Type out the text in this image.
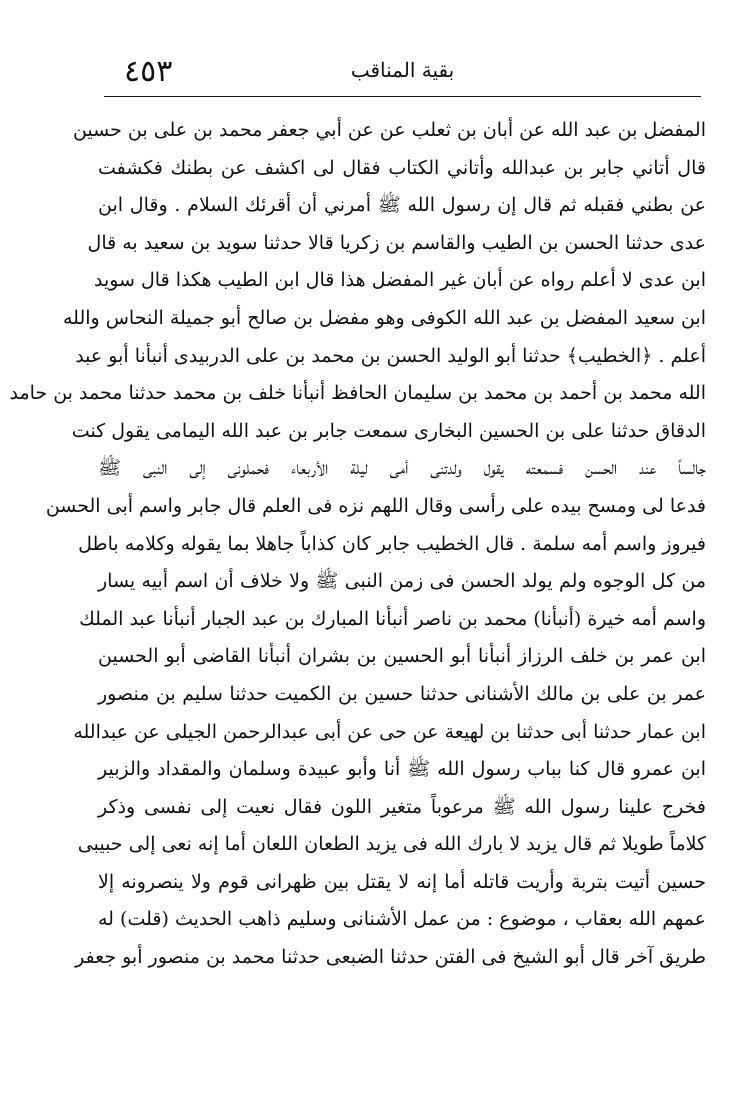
٤٥٣	بقية المناقب
المفضل بن عبد الله عن أبان بن ثعلب عن عن أبي جعفر محمد بن على بن حسين
قال أتاني جابر بن عبدالله وأتاني الكتاب فقال لى اكشف عن بطنك فكشفت
عن بطني فقبله ثم قال إن رسول الله ﷺ أمرني أن أقرئك السلام . وقال ابن
عدى حدثنا الحسن بن الطيب والقاسم بن زكريا قالا حدثنا سويد بن سعيد به قال
ابن عدى لا أعلم رواه عن أبان غير المفضل هذا قال ابن الطيب هكذا قال سويد
ابن سعيد المفضل بن عبد الله الكوفى وهو مفضل بن صالح أبو جميلة النحاس والله
أعلم . ﴿الخطيب﴾ حدثنا أبو الوليد الحسن بن محمد بن على الدربيدى أنبأنا أبو عبد
الله محمد بن أحمد بن محمد بن سليمان الحافظ أنبأنا خلف بن محمد حدثنا محمد بن حامد
الدقاق حدثنا على بن الحسين البخارى سمعت جابر بن عبد الله اليمامى يقول كنت
جالساً عند الحسن فسمعته يقول ولدتنى أمى ليلة الأربعاء فحملونى إلى النبى ﷺ
فدعا لى ومسح بيده على رأسى وقال اللهم نزه فى العلم قال جابر واسم أبى الحسن
فيروز واسم أمه سلمة . قال الخطيب جابر كان كذاباً جاهلا بما يقوله وكلامه باطل
من كل الوجوه ولم يولد الحسن فى زمن النبى ﷺ ولا خلاف أن اسم أبيه يسار
واسم أمه خيرة (أنبأنا) محمد بن ناصر أنبأنا المبارك بن عبد الجبار أنبأنا عبد الملك
ابن عمر بن خلف الرزاز أنبأنا أبو الحسين بن بشران أنبأنا القاضى أبو الحسين
عمر بن على بن مالك الأشنانى حدثنا حسين بن الكميت حدثنا سليم بن منصور
ابن عمار حدثنا أبى حدثنا بن لهيعة عن حى عن أبى عبدالرحمن الجيلى عن عبدالله
ابن عمرو قال كنا بباب رسول الله ﷺ أنا وأبو عبيدة وسلمان والمقداد والزبير
فخرج علينا رسول الله ﷺ مرعوباً متغير اللون فقال نعيت إلى نفسى وذكر
كلاماً طويلا ثم قال يزيد لا بارك الله فى يزيد الطعان اللعان أما إنه نعى إلى حبيبى
حسين أتيت بتربة وأريت قاتله أما إنه لا يقتل بين ظهرانى قوم ولا ينصرونه إلا
عمهم الله بعقاب ، موضوع : من عمل الأشنانى وسليم ذاهب الحديث (قلت) له
طريق آخر قال أبو الشيخ فى الفتن حدثنا الضبعى حدثنا محمد بن منصور أبو جعفر
